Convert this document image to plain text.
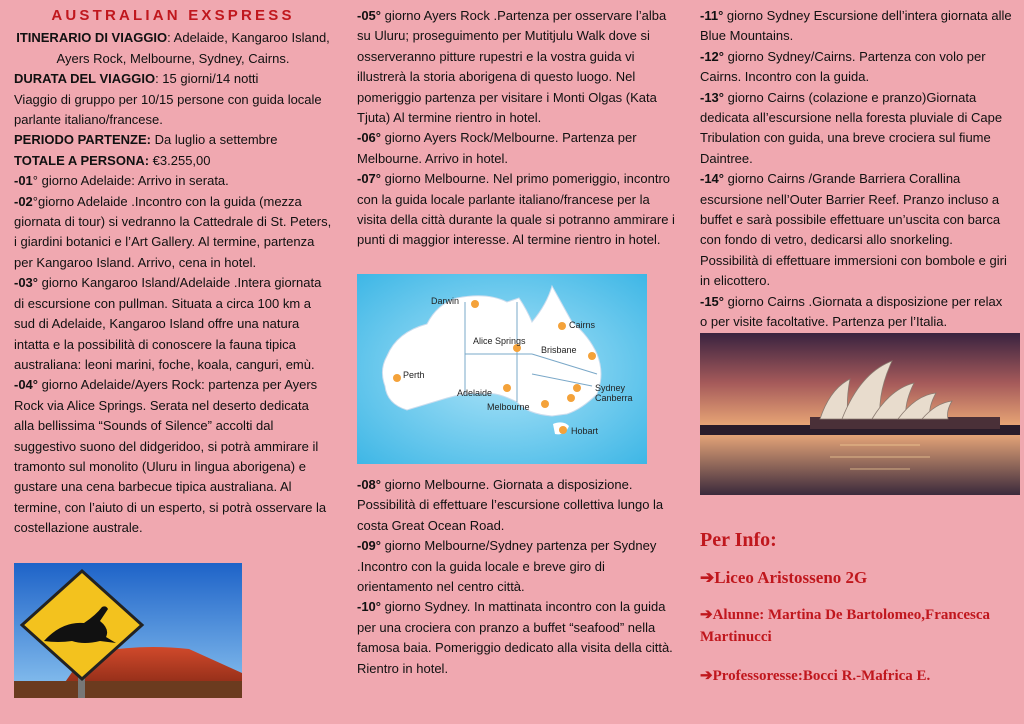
AUSTRALIAN EXSPRESS

ITINERARIO DI VIAGGIO: Adelaide, Kangaroo Island, Ayers Rock, Melbourne, Sydney, Cairns.

DURATA DEL VIAGGIO: 15 giorni/14 notti

Viaggio di gruppo per 10/15 persone con guida locale parlante italiano/francese.

PERIODO PARTENZE: Da luglio a settembre

TOTALE A PERSONA: €3.255,00

-01° giorno Adelaide: Arrivo in serata.

-02°giorno Adelaide .Incontro con la guida (mezza giornata di tour) si vedranno la Cattedrale di St. Peters, i giardini botanici e l’Art Gallery. Al termine, partenza per Kangaroo Island. Arrivo, cena in hotel.

-03° giorno Kangaroo Island/Adelaide .Intera giornata di escursione con pullman. Situata a circa 100 km a sud di Adelaide, Kangaroo Island offre una natura intatta e la possibilità di conoscere la fauna tipica australiana: leoni marini, foche, koala, canguri, emù.

-04° giorno Adelaide/Ayers Rock: partenza per Ayers Rock via Alice Springs. Serata nel deserto dedicata alla bellissima “Sounds of Silence” accolti dal suggestivo suono del didgeridoo, si potrà ammirare il tramonto sul monolito (Uluru in lingua aborigena) e gustare una cena barbecue tipica australiana. Al termine, con l’aiuto di un esperto, si potrà osservare la costellazione australe.

-05° giorno Ayers Rock .Partenza per osservare l’alba su Uluru; proseguimento per Mutitjulu Walk dove si osserveranno pitture rupestri e la vostra guida vi illustrerà la storia aborigena di questo luogo. Nel pomeriggio partenza per visitare i Monti Olgas (Kata Tjuta) Al termine rientro in hotel.

-06° giorno Ayers Rock/Melbourne. Partenza per Melbourne. Arrivo in hotel.

-07° giorno Melbourne. Nel primo pomeriggio, incontro con la guida locale parlante italiano/francese per la visita della città durante la quale si potranno ammirare i punti di maggior interesse. Al termine rientro in hotel.

Darwin
Cairns
Alice Springs
Brisbane
Perth
Adelaide	Sydney
Canberra
Melbourne
Hobart

-08° giorno Melbourne. Giornata a disposizione. Possibilità di effettuare l’escursione collettiva lungo la costa Great Ocean Road.

-09° giorno Melbourne/Sydney partenza per Sydney .Incontro con la guida locale e breve giro di orientamento nel centro città.

-10° giorno Sydney. In mattinata incontro con la guida per una crociera con pranzo a buffet “seafood” nella famosa baia. Pomeriggio dedicato alla visita della città. Rientro in hotel.

-11° giorno Sydney Escursione dell’intera giornata alle Blue Mountains.

-12° giorno Sydney/Cairns. Partenza con volo per Cairns. Incontro con la guida.

-13° giorno Cairns (colazione e pranzo)Giornata dedicata all’escursione nella foresta pluviale di Cape Tribulation con guida, una breve crociera sul fiume Daintree.

-14° giorno Cairns /Grande Barriera Corallina escursione nell’Outer Barrier Reef. Pranzo incluso a buffet e sarà possibile effettuare un’uscita con barca con fondo di vetro, dedicarsi allo snorkeling. Possibilità di effettuare immersioni con bombole e giri in elicottero.

-15° giorno Cairns .Giornata a disposizione per relax o per visite facoltative. Partenza per l’Italia.

Per Info:
➔Liceo Aristosseno 2G
➔Alunne: Martina De Bartolomeo,Francesca Martinucci
➔Professoresse:Bocci R.-Mafrica E.
